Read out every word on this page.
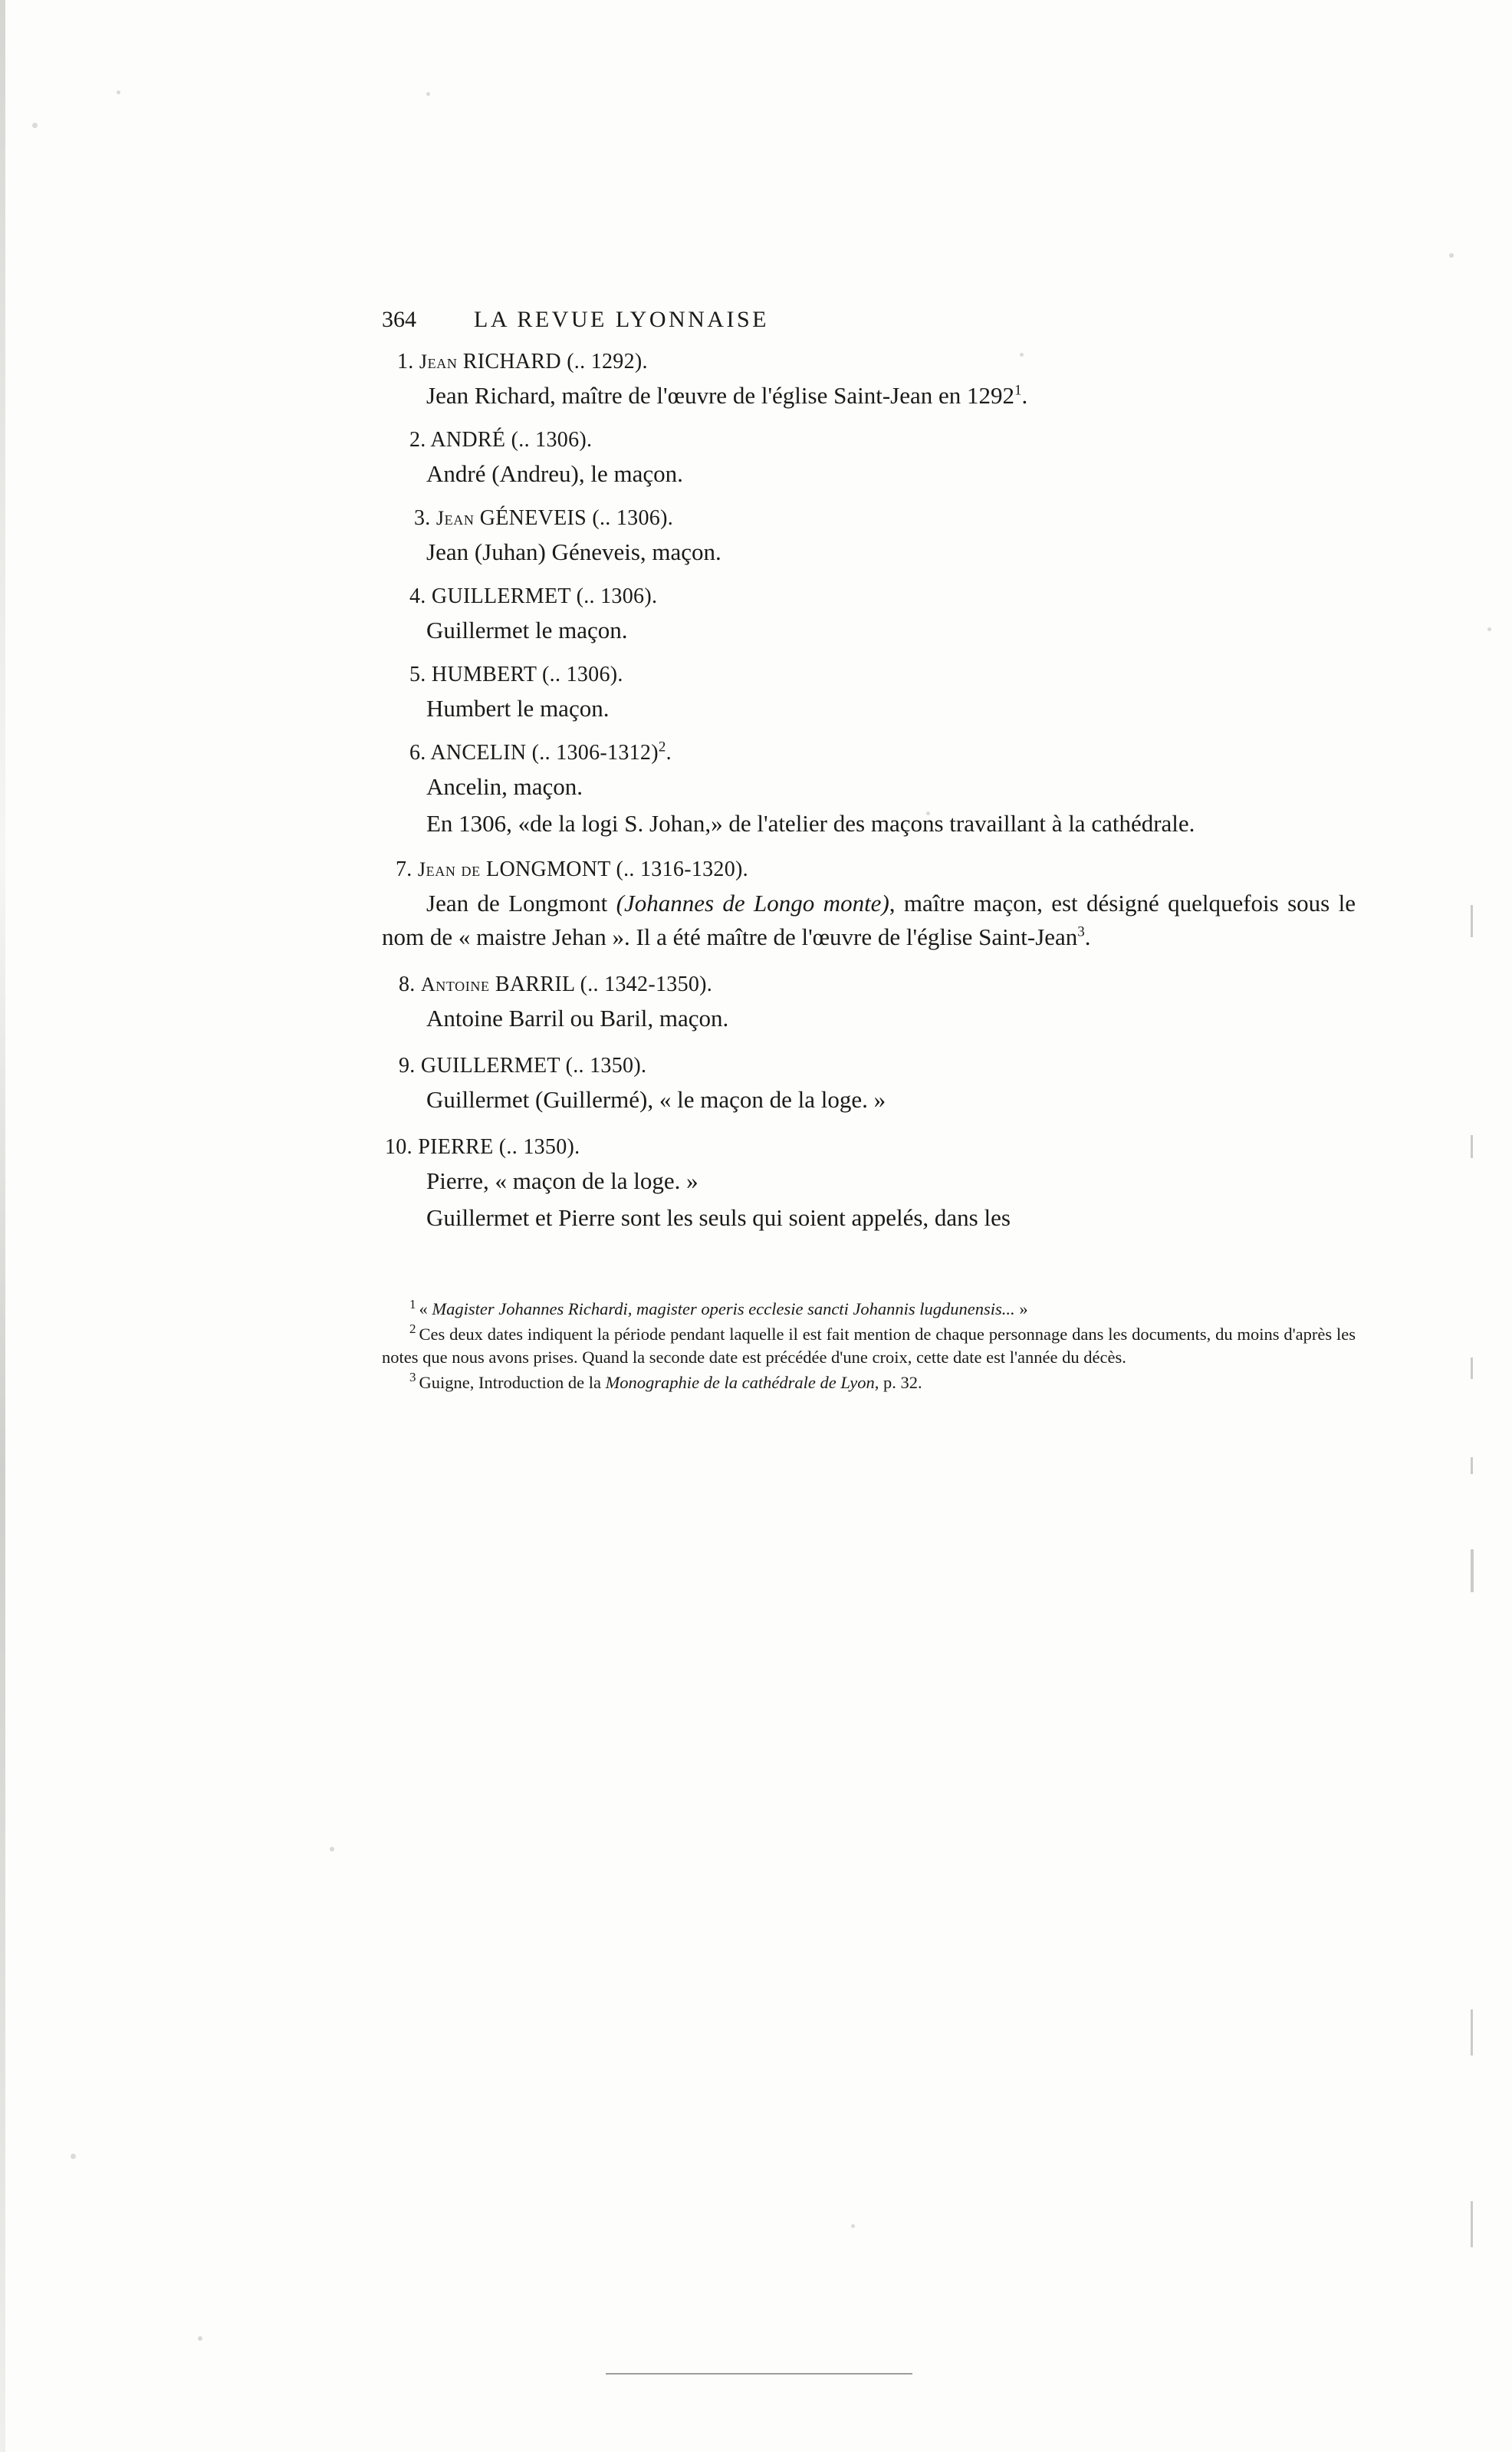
364	LA REVUE LYONNAISE
1. Jean RICHARD (.. 1292).

Jean Richard, maître de l'œuvre de l'église Saint-Jean en 1292$^1$.

2. ANDRÉ (.. 1306).

André (Andreu), le maçon.

3. Jean GÉNEVEIS (.. 1306).

Jean (Juhan) Géneveis, maçon.

4. GUILLERMET (.. 1306).

Guillermet le maçon.

5. HUMBERT (.. 1306).

Humbert le maçon.

6. ANCELIN (.. 1306-1312)$^2$.

Ancelin, maçon.

En 1306, «de la logi S. Johan,» de l'atelier des maçons travaillant à la cathédrale.

7. Jean de LONGMONT (.. 1316-1320).

Jean de Longmont (Johannes de Longo monte), maître maçon, est désigné quelquefois sous le nom de « maistre Jehan ». Il a été maître de l'œuvre de l'église Saint-Jean$^3$.

8. Antoine BARRIL (.. 1342-1350).

Antoine Barril ou Baril, maçon.

9. GUILLERMET (.. 1350).

Guillermet (Guillermé), « le maçon de la loge. »

10. PIERRE (.. 1350).

Pierre, « maçon de la loge. »

Guillermet et Pierre sont les seuls qui soient appelés, dans les

$^1$ « Magister Johannes Richardi, magister operis ecclesie sancti Johannis lugdunensis... »
$^2$ Ces deux dates indiquent la période pendant laquelle il est fait mention de chaque personnage dans les documents, du moins d'après les notes que nous avons prises. Quand la seconde date est précédée d'une croix, cette date est l'année du décès.
$^3$ Guigne, Introduction de la Monographie de la cathédrale de Lyon, p. 32.
